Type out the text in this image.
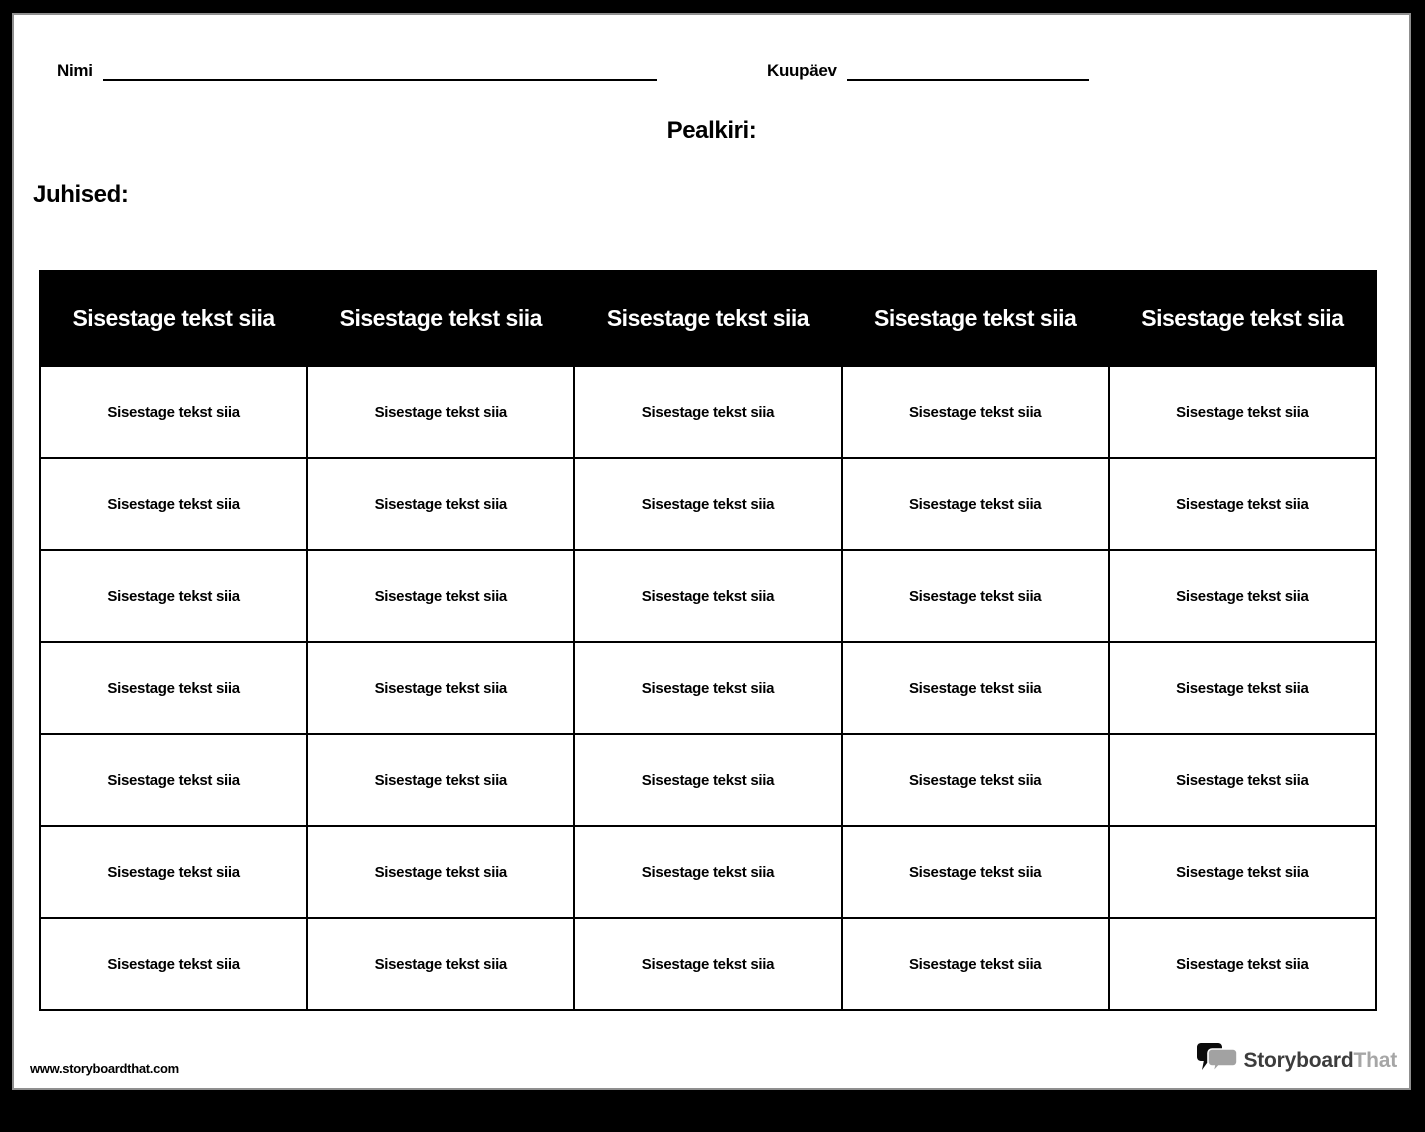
Nimi	Kuupäev
Pealkiri:
Juhised:
Sisestage tekst siia	Sisestage tekst siia	Sisestage tekst siia	Sisestage tekst siia	Sisestage tekst siia
Sisestage tekst siia	Sisestage tekst siia	Sisestage tekst siia	Sisestage tekst siia	Sisestage tekst siia
Sisestage tekst siia	Sisestage tekst siia	Sisestage tekst siia	Sisestage tekst siia	Sisestage tekst siia
Sisestage tekst siia	Sisestage tekst siia	Sisestage tekst siia	Sisestage tekst siia	Sisestage tekst siia
Sisestage tekst siia	Sisestage tekst siia	Sisestage tekst siia	Sisestage tekst siia	Sisestage tekst siia
Sisestage tekst siia	Sisestage tekst siia	Sisestage tekst siia	Sisestage tekst siia	Sisestage tekst siia
Sisestage tekst siia	Sisestage tekst siia	Sisestage tekst siia	Sisestage tekst siia	Sisestage tekst siia
Sisestage tekst siia	Sisestage tekst siia	Sisestage tekst siia	Sisestage tekst siia	Sisestage tekst siia
www.storyboardthat.com	StoryboardThat
